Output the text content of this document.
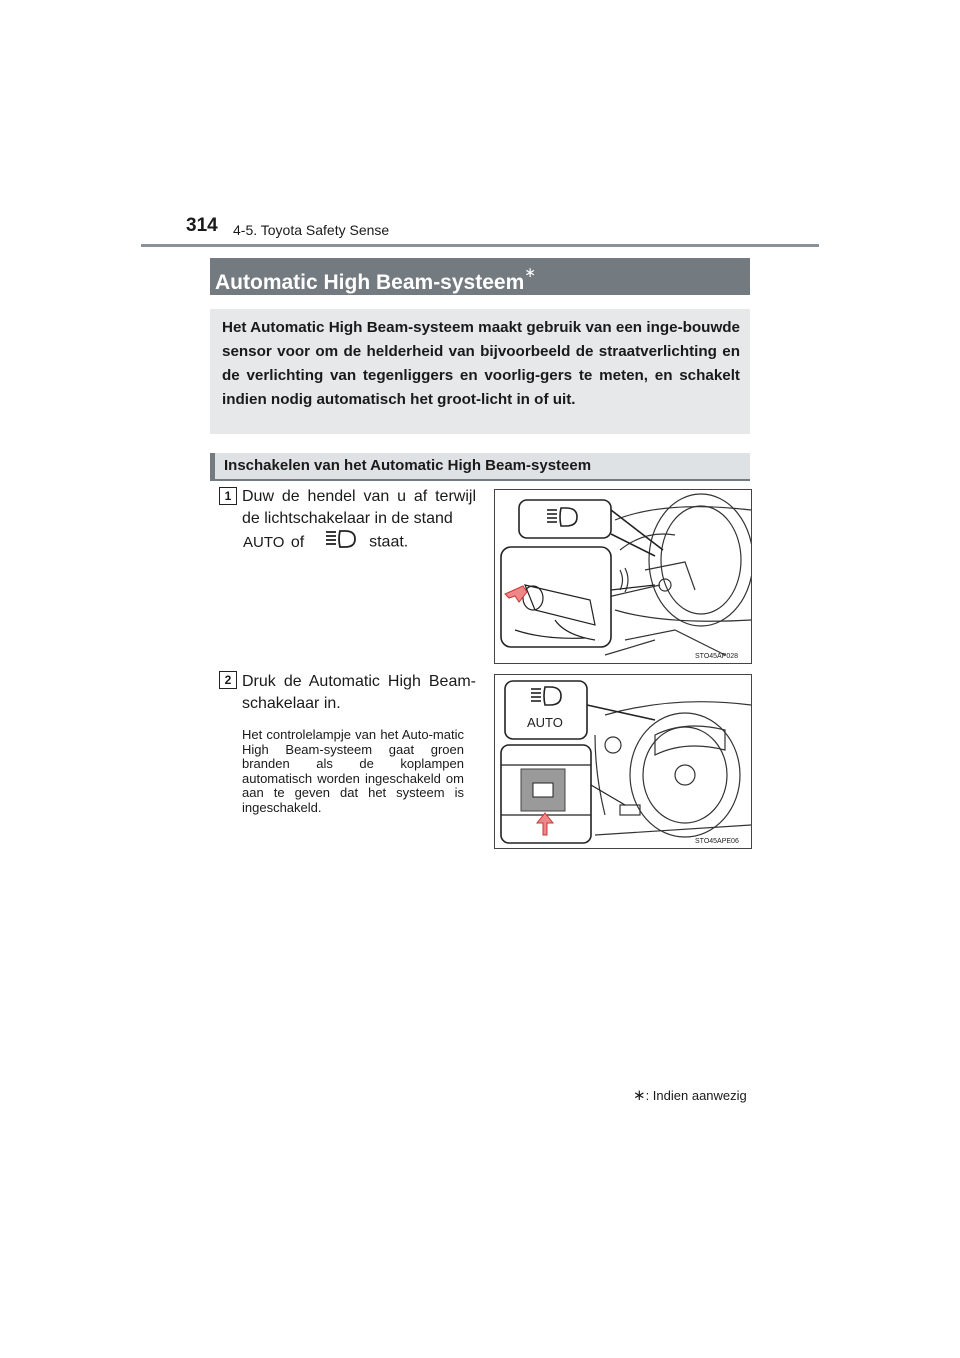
314 4-5. Toyota Safety Sense
Automatic High Beam-systeem∗
Het Automatic High Beam-systeem maakt gebruik van een inge-bouwde sensor voor om de helderheid van bijvoorbeeld de straatverlichting en de verlichting van tegenliggers en voorlig-gers te meten, en schakelt indien nodig automatisch het groot-licht in of uit.
Inschakelen van het Automatic High Beam-systeem
1 Duw de hendel van u af terwijl de lichtschakelaar in de stand
AUTO of	staat.
STO45AP028
2 Druk de Automatic High Beam-schakelaar in.
Het controlelampje van het Auto-matic High Beam-systeem gaat groen branden als de koplampen automatisch worden ingeschakeld om aan te geven dat het systeem is ingeschakeld.
AUTO
STO45APE06
∗: Indien aanwezig
